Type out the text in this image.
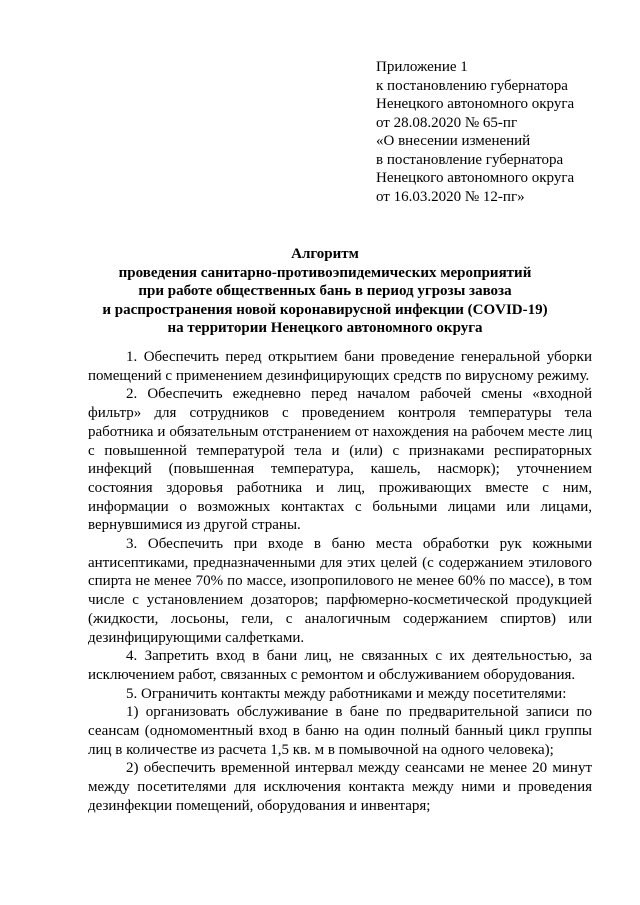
Приложение 1
к постановлению губернатора
Ненецкого автономного округа
от 28.08.2020 № 65-пг
«О внесении изменений
в постановление губернатора
Ненецкого автономного округа
от 16.03.2020 № 12-пг»
Алгоритм
проведения санитарно-противоэпидемических мероприятий
при работе общественных бань в период угрозы завоза
и распространения новой коронавирусной инфекции (COVID-19)
на территории Ненецкого автономного округа

1. Обеспечить перед открытием бани проведение генеральной уборки помещений с применением дезинфицирующих средств по вирусному режиму.

2. Обеспечить ежедневно перед началом рабочей смены «входной фильтр» для сотрудников с проведением контроля температуры тела работника и обязательным отстранением от нахождения на рабочем месте лиц с повышенной температурой тела и (или) с признаками респираторных инфекций (повышенная температура, кашель, насморк); уточнением состояния здоровья работника и лиц, проживающих вместе с ним, информации о возможных контактах с больными лицами или лицами, вернувшимися из другой страны.

3. Обеспечить при входе в баню места обработки рук кожными антисептиками, предназначенными для этих целей (с содержанием этилового спирта не менее 70% по массе, изопропилового не менее 60% по массе), в том числе с установлением дозаторов; парфюмерно-косметической продукцией (жидкости, лосьоны, гели, с аналогичным содержанием спиртов) или дезинфицирующими салфетками.

4. Запретить вход в бани лиц, не связанных с их деятельностью, за исключением работ, связанных с ремонтом и обслуживанием оборудования.

5. Ограничить контакты между работниками и между посетителями:

1) организовать обслуживание в бане по предварительной записи по сеансам (одномоментный вход в баню на один полный банный цикл группы лиц в количестве из расчета 1,5 кв. м в помывочной на одного человека);

2) обеспечить временной интервал между сеансами не менее 20 минут между посетителями для исключения контакта между ними и проведения дезинфекции помещений, оборудования и инвентаря;
